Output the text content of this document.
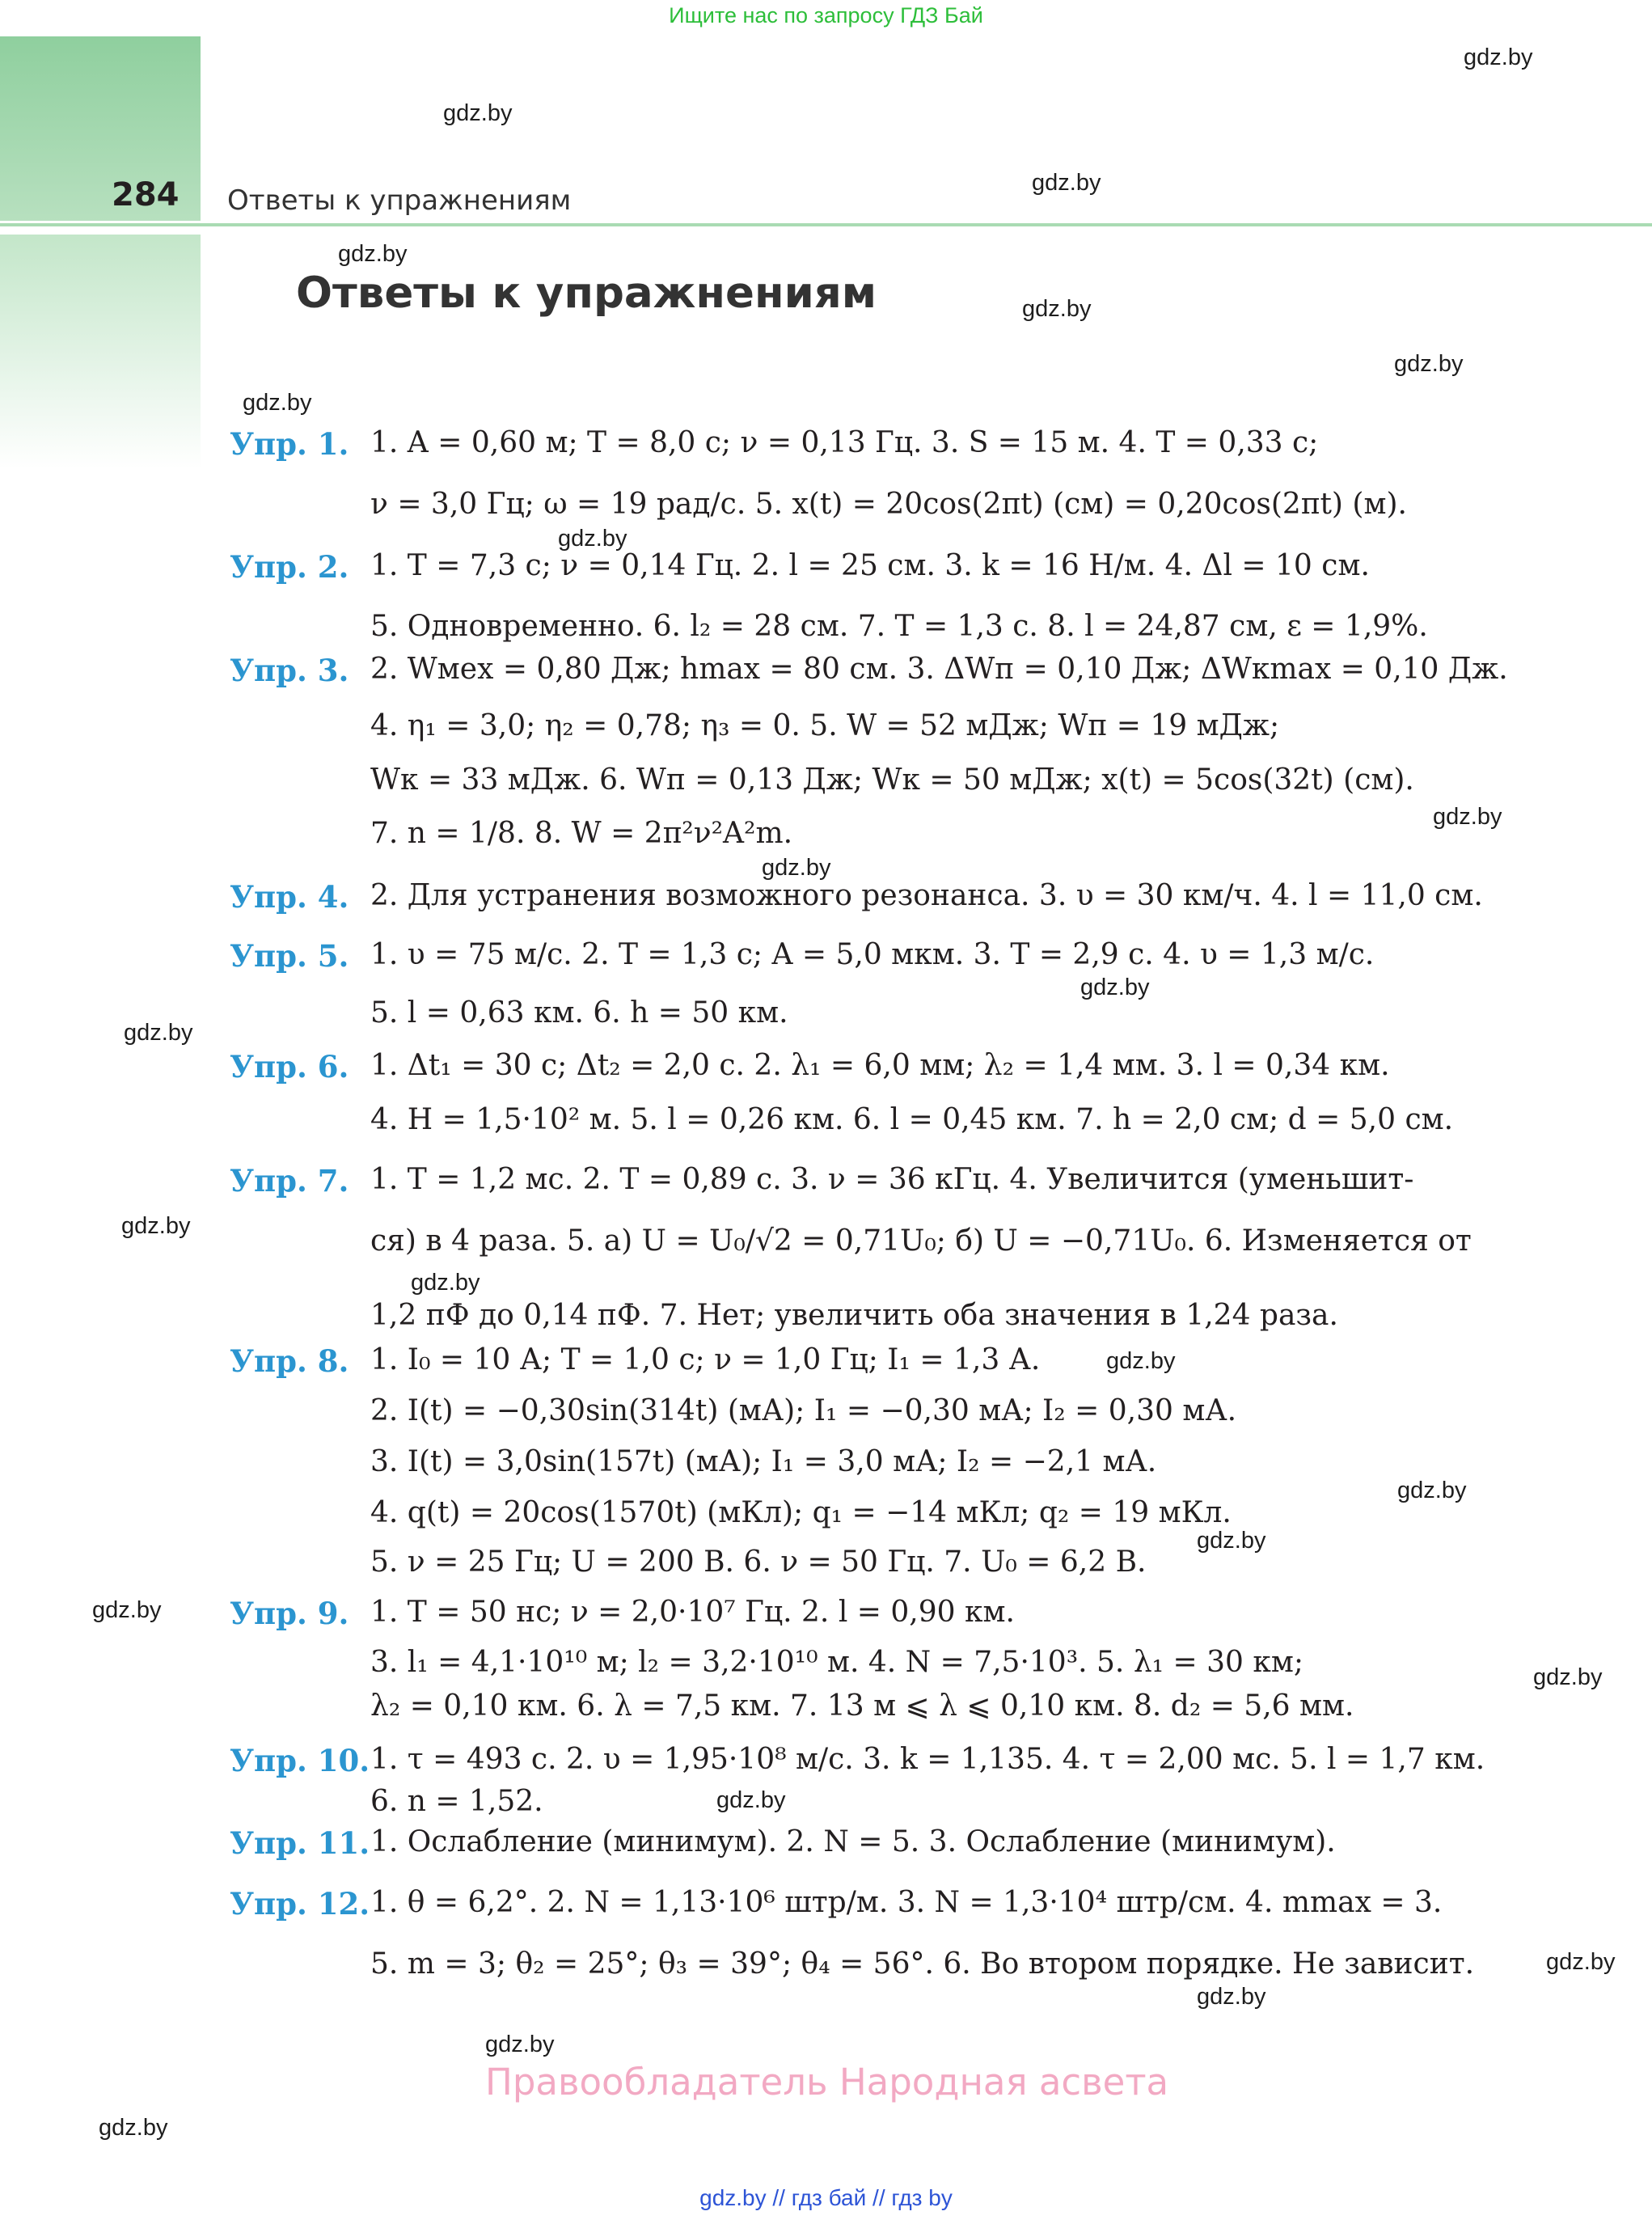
Ищите нас по запросу ГДЗ Бай
284 Ответы к упражнениям
Ответы к упражнениям
gdz.by
gdz.by
gdz.by
gdz.by
gdz.by
gdz.by
gdz.by
gdz.by
gdz.by
gdz.by
gdz.by
gdz.by
gdz.by
gdz.by
gdz.by
gdz.by
gdz.by
gdz.by
gdz.by
gdz.by
gdz.by
gdz.by
gdz.by
gdz.by
Упр. 1. 1. A = 0,60 м; T = 8,0 с; ν = 0,13 Гц. 3. S = 15 м. 4. T = 0,33 с;
ν = 3,0 Гц; ω = 19 рад/с. 5. x(t) = 20cos(2πt) (см) = 0,20cos(2πt) (м).
Упр. 2. 1. T = 7,3 с; ν = 0,14 Гц. 2. l = 25 см. 3. k = 16 Н/м. 4. Δl = 10 см.
5. Одновременно. 6. l₂ = 28 см. 7. T = 1,3 с. 8. l = 24,87 см, ε = 1,9%.
Упр. 3. 2. Wмех = 0,80 Дж; hmax = 80 см. 3. ΔWп = 0,10 Дж; ΔWкmax = 0,10 Дж.
4. η₁ = 3,0; η₂ = 0,78; η₃ = 0. 5. W = 52 мДж; Wп = 19 мДж;
Wк = 33 мДж. 6. Wп = 0,13 Дж; Wк = 50 мДж; x(t) = 5cos(32t) (см).
7. n = 1/8. 8. W = 2π²ν²A²m.
Упр. 4. 2. Для устранения возможного резонанса. 3. υ = 30 км/ч. 4. l = 11,0 см.
Упр. 5. 1. υ = 75 м/с. 2. T = 1,3 с; A = 5,0 мкм. 3. T = 2,9 с. 4. υ = 1,3 м/с.
5. l = 0,63 км. 6. h = 50 км.
Упр. 6. 1. Δt₁ = 30 с; Δt₂ = 2,0 с. 2. λ₁ = 6,0 мм; λ₂ = 1,4 мм. 3. l = 0,34 км.
4. H = 1,5·10² м. 5. l = 0,26 км. 6. l = 0,45 км. 7. h = 2,0 см; d = 5,0 см.
Упр. 7. 1. T = 1,2 мс. 2. T = 0,89 с. 3. ν = 36 кГц. 4. Увеличится (уменьшит-
ся) в 4 раза. 5. а) U = U₀/√2 = 0,71U₀; б) U = −0,71U₀. 6. Изменяется от
1,2 пФ до 0,14 пФ. 7. Нет; увеличить оба значения в 1,24 раза.
Упр. 8. 1. I₀ = 10 А; T = 1,0 с; ν = 1,0 Гц; I₁ = 1,3 А.
2. I(t) = −0,30sin(314t) (мА); I₁ = −0,30 мА; I₂ = 0,30 мА.
3. I(t) = 3,0sin(157t) (мА); I₁ = 3,0 мА; I₂ = −2,1 мА.
4. q(t) = 20cos(1570t) (мКл); q₁ = −14 мКл; q₂ = 19 мКл.
5. ν = 25 Гц; U = 200 В. 6. ν = 50 Гц. 7. U₀ = 6,2 В.
Упр. 9. 1. T = 50 нс; ν = 2,0·10⁷ Гц. 2. l = 0,90 км.
3. l₁ = 4,1·10¹⁰ м; l₂ = 3,2·10¹⁰ м. 4. N = 7,5·10³. 5. λ₁ = 30 км;
λ₂ = 0,10 км. 6. λ = 7,5 км. 7. 13 м ⩽ λ ⩽ 0,10 км. 8. d₂ = 5,6 мм.
Упр. 10. 1. τ = 493 с. 2. υ = 1,95·10⁸ м/с. 3. k = 1,135. 4. τ = 2,00 мс. 5. l = 1,7 км.
6. n = 1,52.
Упр. 11. 1. Ослабление (минимум). 2. N = 5. 3. Ослабление (минимум).
Упр. 12. 1. θ = 6,2°. 2. N = 1,13·10⁶ штр/м. 3. N = 1,3·10⁴ штр/см. 4. mmax = 3.
5. m = 3; θ₂ = 25°; θ₃ = 39°; θ₄ = 56°. 6. Во втором порядке. Не зависит.
Правообладатель Народная асвета
gdz.by // гдз бай // гдз by
